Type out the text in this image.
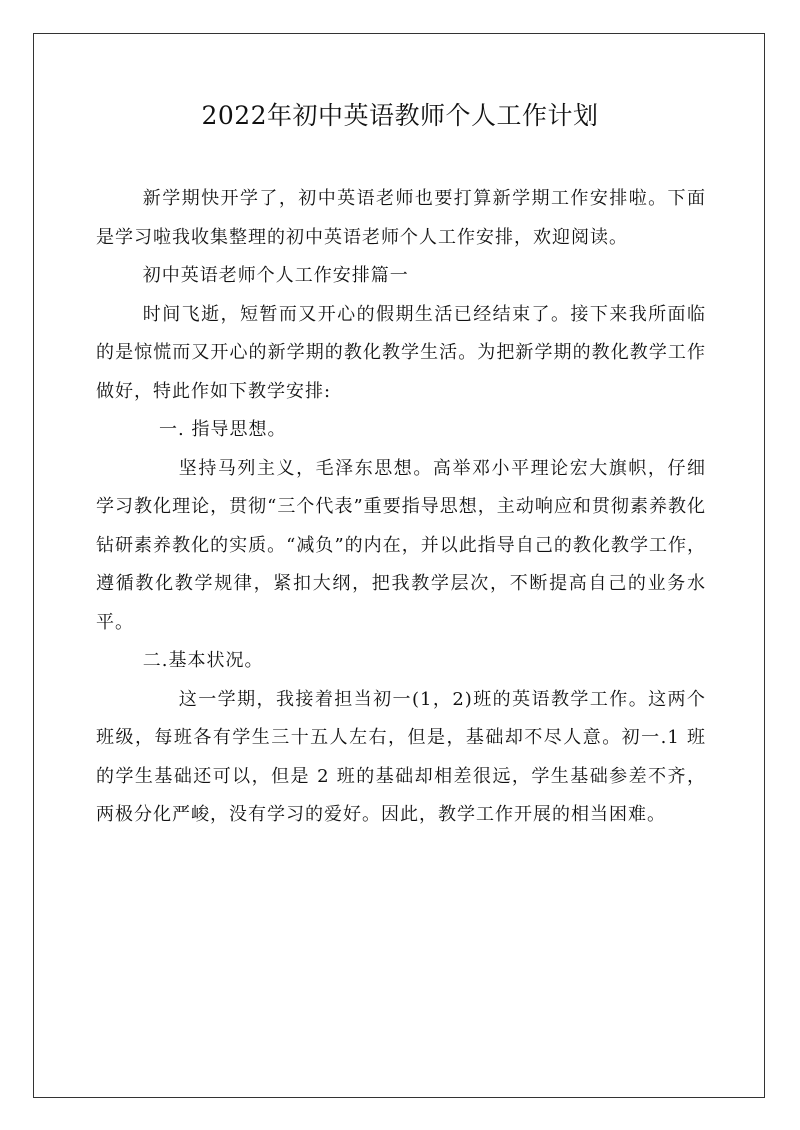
2022年初中英语教师个人工作计划

新学期快开学了，初中英语老师也要打算新学期工作安排啦。下面是学习啦我收集整理的初中英语老师个人工作安排，欢迎阅读。

初中英语老师个人工作安排篇一

时间飞逝，短暂而又开心的假期生活已经结束了。接下来我所面临的是惊慌而又开心的新学期的教化教学生活。为把新学期的教化教学工作做好，特此作如下教学安排:

一. 指导思想。

坚持马列主义，毛泽东思想。高举邓小平理论宏大旗帜，仔细学习教化理论，贯彻“三个代表”重要指导思想，主动响应和贯彻素养教化钻研素养教化的实质。“减负”的内在，并以此指导自己的教化教学工作，遵循教化教学规律，紧扣大纲，把我教学层次，不断提高自己的业务水平。

二.基本状况。

这一学期，我接着担当初一(1，2)班的英语教学工作。这两个班级，每班各有学生三十五人左右，但是，基础却不尽人意。初一.1 班的学生基础还可以，但是 2 班的基础却相差很远，学生基础参差不齐，两极分化严峻，没有学习的爱好。因此，教学工作开展的相当困难。
